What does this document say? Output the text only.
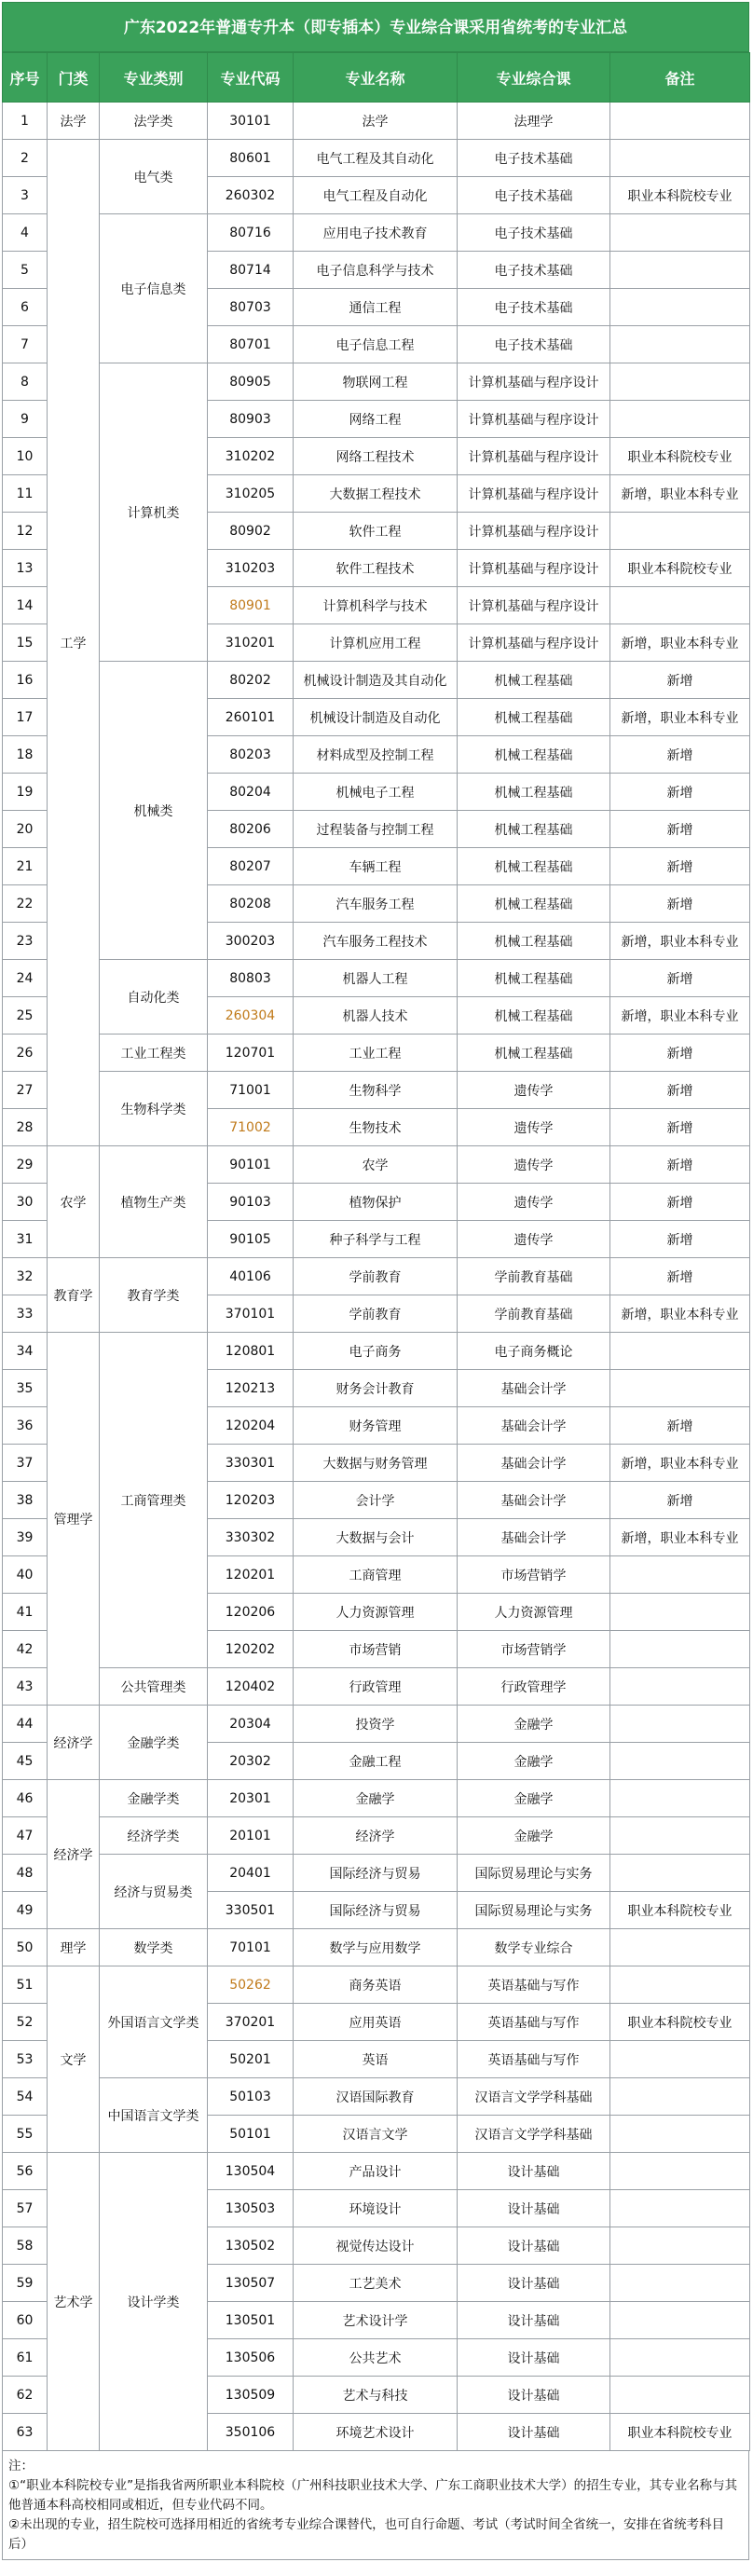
广东2022年普通专升本（即专插本）专业综合课采用省统考的专业汇总
序号	门类	专业类别	专业代码	专业名称	专业综合课	备注
1	法学	法学类	30101	法学	法理学	
2	工学	电气类	80601	电气工程及其自动化	电子技术基础	
3			260302	电气工程及自动化	电子技术基础	职业本科院校专业
4		电子信息类	80716	应用电子技术教育	电子技术基础	
5			80714	电子信息科学与技术	电子技术基础	
6			80703	通信工程	电子技术基础	
7			80701	电子信息工程	电子技术基础	
8		计算机类	80905	物联网工程	计算机基础与程序设计	
9			80903	网络工程	计算机基础与程序设计	
10			310202	网络工程技术	计算机基础与程序设计	职业本科院校专业
11			310205	大数据工程技术	计算机基础与程序设计	新增，职业本科专业
12			80902	软件工程	计算机基础与程序设计	
13			310203	软件工程技术	计算机基础与程序设计	职业本科院校专业
14			80901	计算机科学与技术	计算机基础与程序设计	
15			310201	计算机应用工程	计算机基础与程序设计	新增，职业本科专业
16		机械类	80202	机械设计制造及其自动化	机械工程基础	新增
17			260101	机械设计制造及自动化	机械工程基础	新增，职业本科专业
18			80203	材料成型及控制工程	机械工程基础	新增
19			80204	机械电子工程	机械工程基础	新增
20			80206	过程装备与控制工程	机械工程基础	新增
21			80207	车辆工程	机械工程基础	新增
22			80208	汽车服务工程	机械工程基础	新增
23			300203	汽车服务工程技术	机械工程基础	新增，职业本科专业
24		自动化类	80803	机器人工程	机械工程基础	新增
25			260304	机器人技术	机械工程基础	新增，职业本科专业
26		工业工程类	120701	工业工程	机械工程基础	新增
27		生物科学类	71001	生物科学	遗传学	新增
28			71002	生物技术	遗传学	新增
29	农学	植物生产类	90101	农学	遗传学	新增
30			90103	植物保护	遗传学	新增
31			90105	种子科学与工程	遗传学	新增
32	教育学	教育学类	40106	学前教育	学前教育基础	新增
33			370101	学前教育	学前教育基础	新增，职业本科专业
34	管理学	工商管理类	120801	电子商务	电子商务概论	
35			120213	财务会计教育	基础会计学	
36			120204	财务管理	基础会计学	新增
37			330301	大数据与财务管理	基础会计学	新增，职业本科专业
38			120203	会计学	基础会计学	新增
39			330302	大数据与会计	基础会计学	新增，职业本科专业
40			120201	工商管理	市场营销学	
41			120206	人力资源管理	人力资源管理	
42			120202	市场营销	市场营销学	
43		公共管理类	120402	行政管理	行政管理学	
44	经济学	金融学类	20304	投资学	金融学	
45			20302	金融工程	金融学	
46	经济学	金融学类	20301	金融学	金融学	
47		经济学类	20101	经济学	金融学	
48		经济与贸易类	20401	国际经济与贸易	国际贸易理论与实务	
49			330501	国际经济与贸易	国际贸易理论与实务	职业本科院校专业
50	理学	数学类	70101	数学与应用数学	数学专业综合	
51	文学	外国语言文学类	50262	商务英语	英语基础与写作	
52			370201	应用英语	英语基础与写作	职业本科院校专业
53			50201	英语	英语基础与写作	
54		中国语言文学类	50103	汉语国际教育	汉语言文学学科基础	
55			50101	汉语言文学	汉语言文学学科基础	
56	艺术学	设计学类	130504	产品设计	设计基础	
57			130503	环境设计	设计基础	
58			130502	视觉传达设计	设计基础	
59			130507	工艺美术	设计基础	
60			130501	艺术设计学	设计基础	
61			130506	公共艺术	设计基础	
62			130509	艺术与科技	设计基础	
63			350106	环境艺术设计	设计基础	职业本科院校专业
注：
①“职业本科院校专业”是指我省两所职业本科院校（广州科技职业技术大学、广东工商职业技术大学）的招生专业，其专业名称与其他普通本科高校相同或相近，但专业代码不同。
②未出现的专业，招生院校可选择用相近的省统考专业综合课替代，也可自行命题、考试（考试时间全省统一，安排在省统考科目后）
